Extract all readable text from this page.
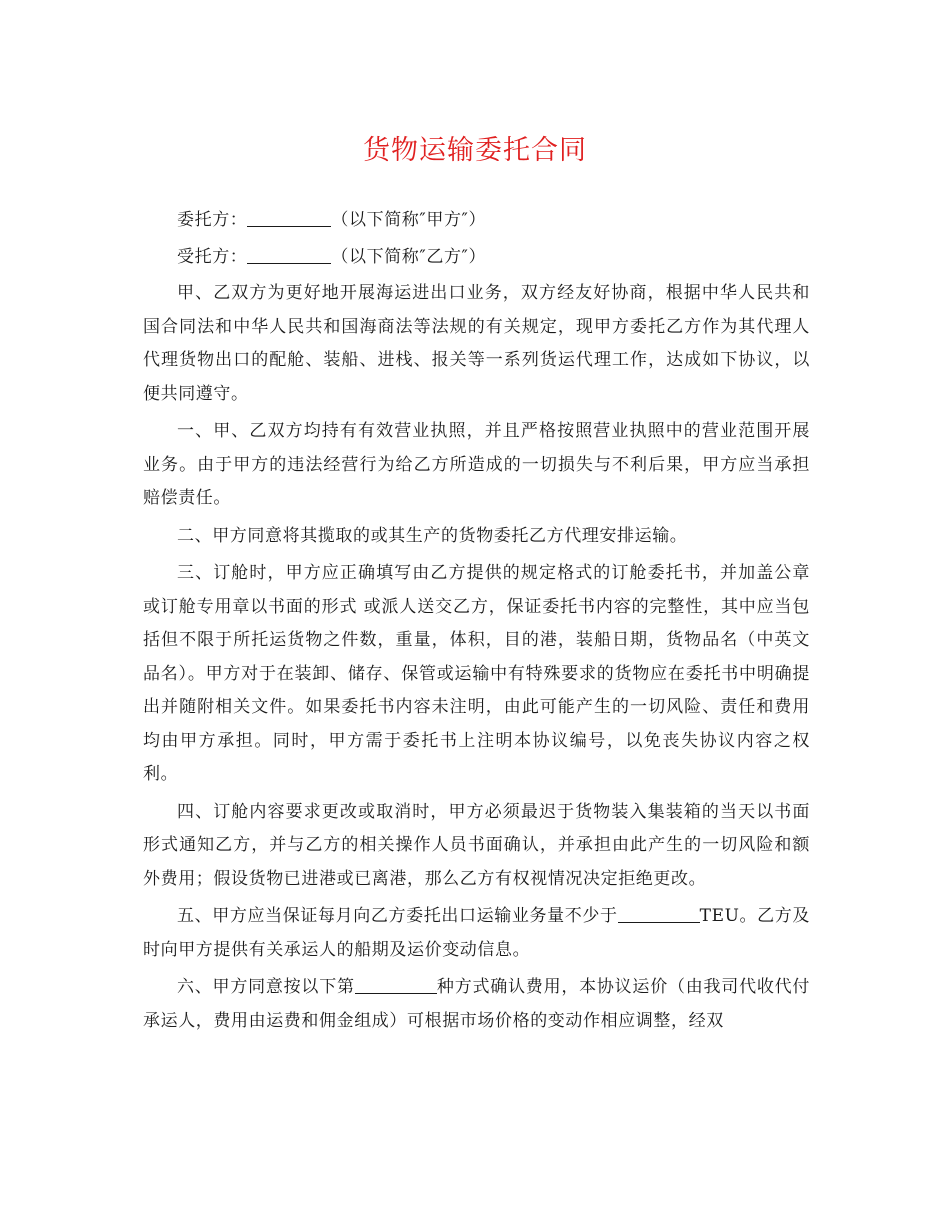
货物运输委托合同

委托方：	（以下简称″甲方″）

受托方：	（以下简称″乙方″）

甲、乙双方为更好地开展海运进出口业务，双方经友好协商，根据中华人民共和国合同法和中华人民共和国海商法等法规的有关规定，现甲方委托乙方作为其代理人代理货物出口的配舱、装船、进栈、报关等一系列货运代理工作，达成如下协议，以便共同遵守。

一、甲、乙双方均持有有效营业执照，并且严格按照营业执照中的营业范围开展业务。由于甲方的违法经营行为给乙方所造成的一切损失与不利后果，甲方应当承担赔偿责任。

二、甲方同意将其揽取的或其生产的货物委托乙方代理安排运输。

三、订舱时，甲方应正确填写由乙方提供的规定格式的订舱委托书，并加盖公章或订舱专用章以书面的形式 或派人送交乙方，保证委托书内容的完整性，其中应当包括但不限于所托运货物之件数，重量，体积，目的港，装船日期，货物品名（中英文品名）。甲方对于在装卸、储存、保管或运输中有特殊要求的货物应在委托书中明确提出并随附相关文件。如果委托书内容未注明，由此可能产生的一切风险、责任和费用均由甲方承担。同时，甲方需于委托书上注明本协议编号，以免丧失协议内容之权利。

四、订舱内容要求更改或取消时，甲方必须最迟于货物装入集装箱的当天以书面形式通知乙方，并与乙方的相关操作人员书面确认，并承担由此产生的一切风险和额外费用；假设货物已进港或已离港，那么乙方有权视情况决定拒绝更改。

五、甲方应当保证每月向乙方委托出口运输业务量不少于	TEU。乙方及时向甲方提供有关承运人的船期及运价变动信息。

六、甲方同意按以下第	种方式确认费用，本协议运价（由我司代收代付承运人，费用由运费和佣金组成）可根据市场价格的变动作相应调整，经双
